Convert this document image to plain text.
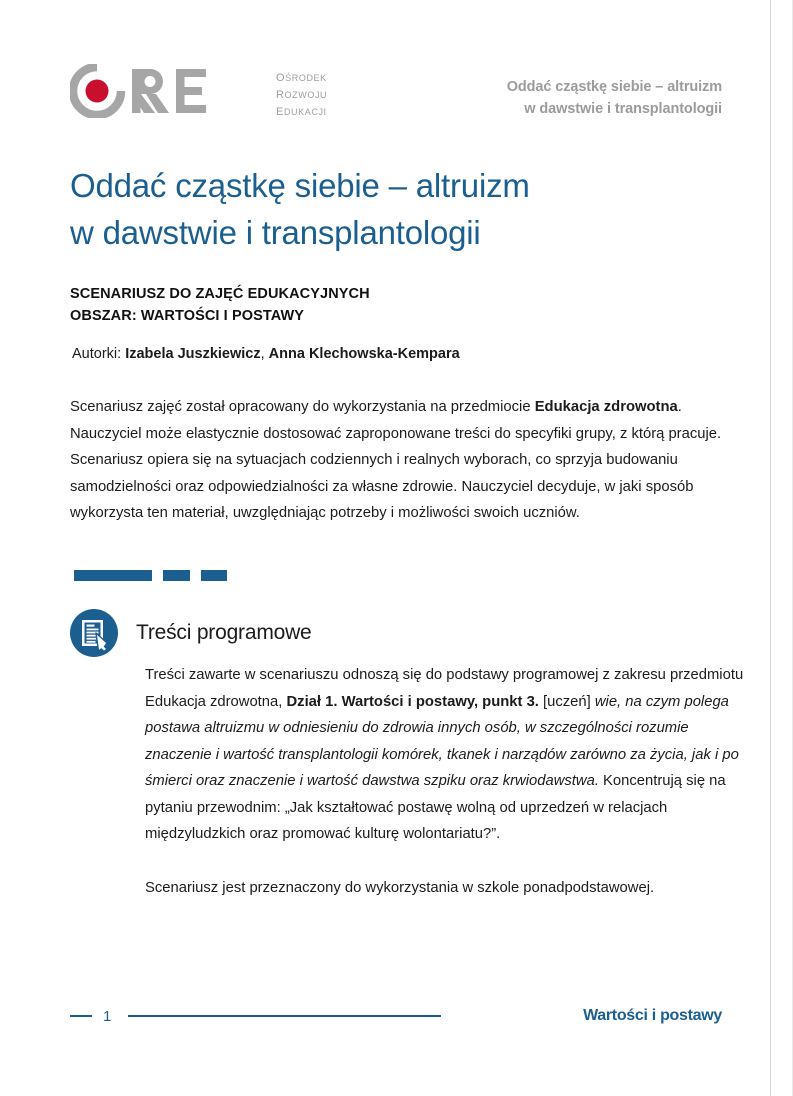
ośrodek
rozwoju
edukacji
Oddać cząstkę siebie – altruizm
w dawstwie i transplantologii
Oddać cząstkę siebie – altruizm
w dawstwie i transplantologii
SCENARIUSZ DO ZAJĘĆ EDUKACYJNYCH
OBSZAR: WARTOŚCI I POSTAWY
Autorki: Izabela Juszkiewicz, Anna Klechowska-Kempara

Scenariusz zajęć został opracowany do wykorzystania na przedmiocie Edukacja zdrowotna. Nauczyciel może elastycznie dostosować zaproponowane treści do specyfiki grupy, z którą pracuje. Scenariusz opiera się na sytuacjach codziennych i realnych wyborach, co sprzyja budowaniu samodzielności oraz odpowiedzialności za własne zdrowie. Nauczyciel decyduje, w jaki sposób wykorzysta ten materiał, uwzględniając potrzeby i możliwości swoich uczniów.

Treści programowe

Treści zawarte w scenariuszu odnoszą się do podstawy programowej z zakresu przedmiotu Edukacja zdrowotna, Dział 1. Wartości i postawy, punkt 3. [uczeń] wie, na czym polega postawa altruizmu w odniesieniu do zdrowia innych osób, w szczególności rozumie znaczenie i wartość transplantologii komórek, tkanek i narządów zarówno za życia, jak i po śmierci oraz znaczenie i wartość dawstwa szpiku oraz krwiodawstwa. Koncentrują się na pytaniu przewodnim: „Jak kształtować postawę wolną od uprzedzeń w relacjach międzyludzkich oraz promować kulturę wolontariatu?”.

Scenariusz jest przeznaczony do wykorzystania w szkole ponadpodstawowej.

1	Wartości i postawy
